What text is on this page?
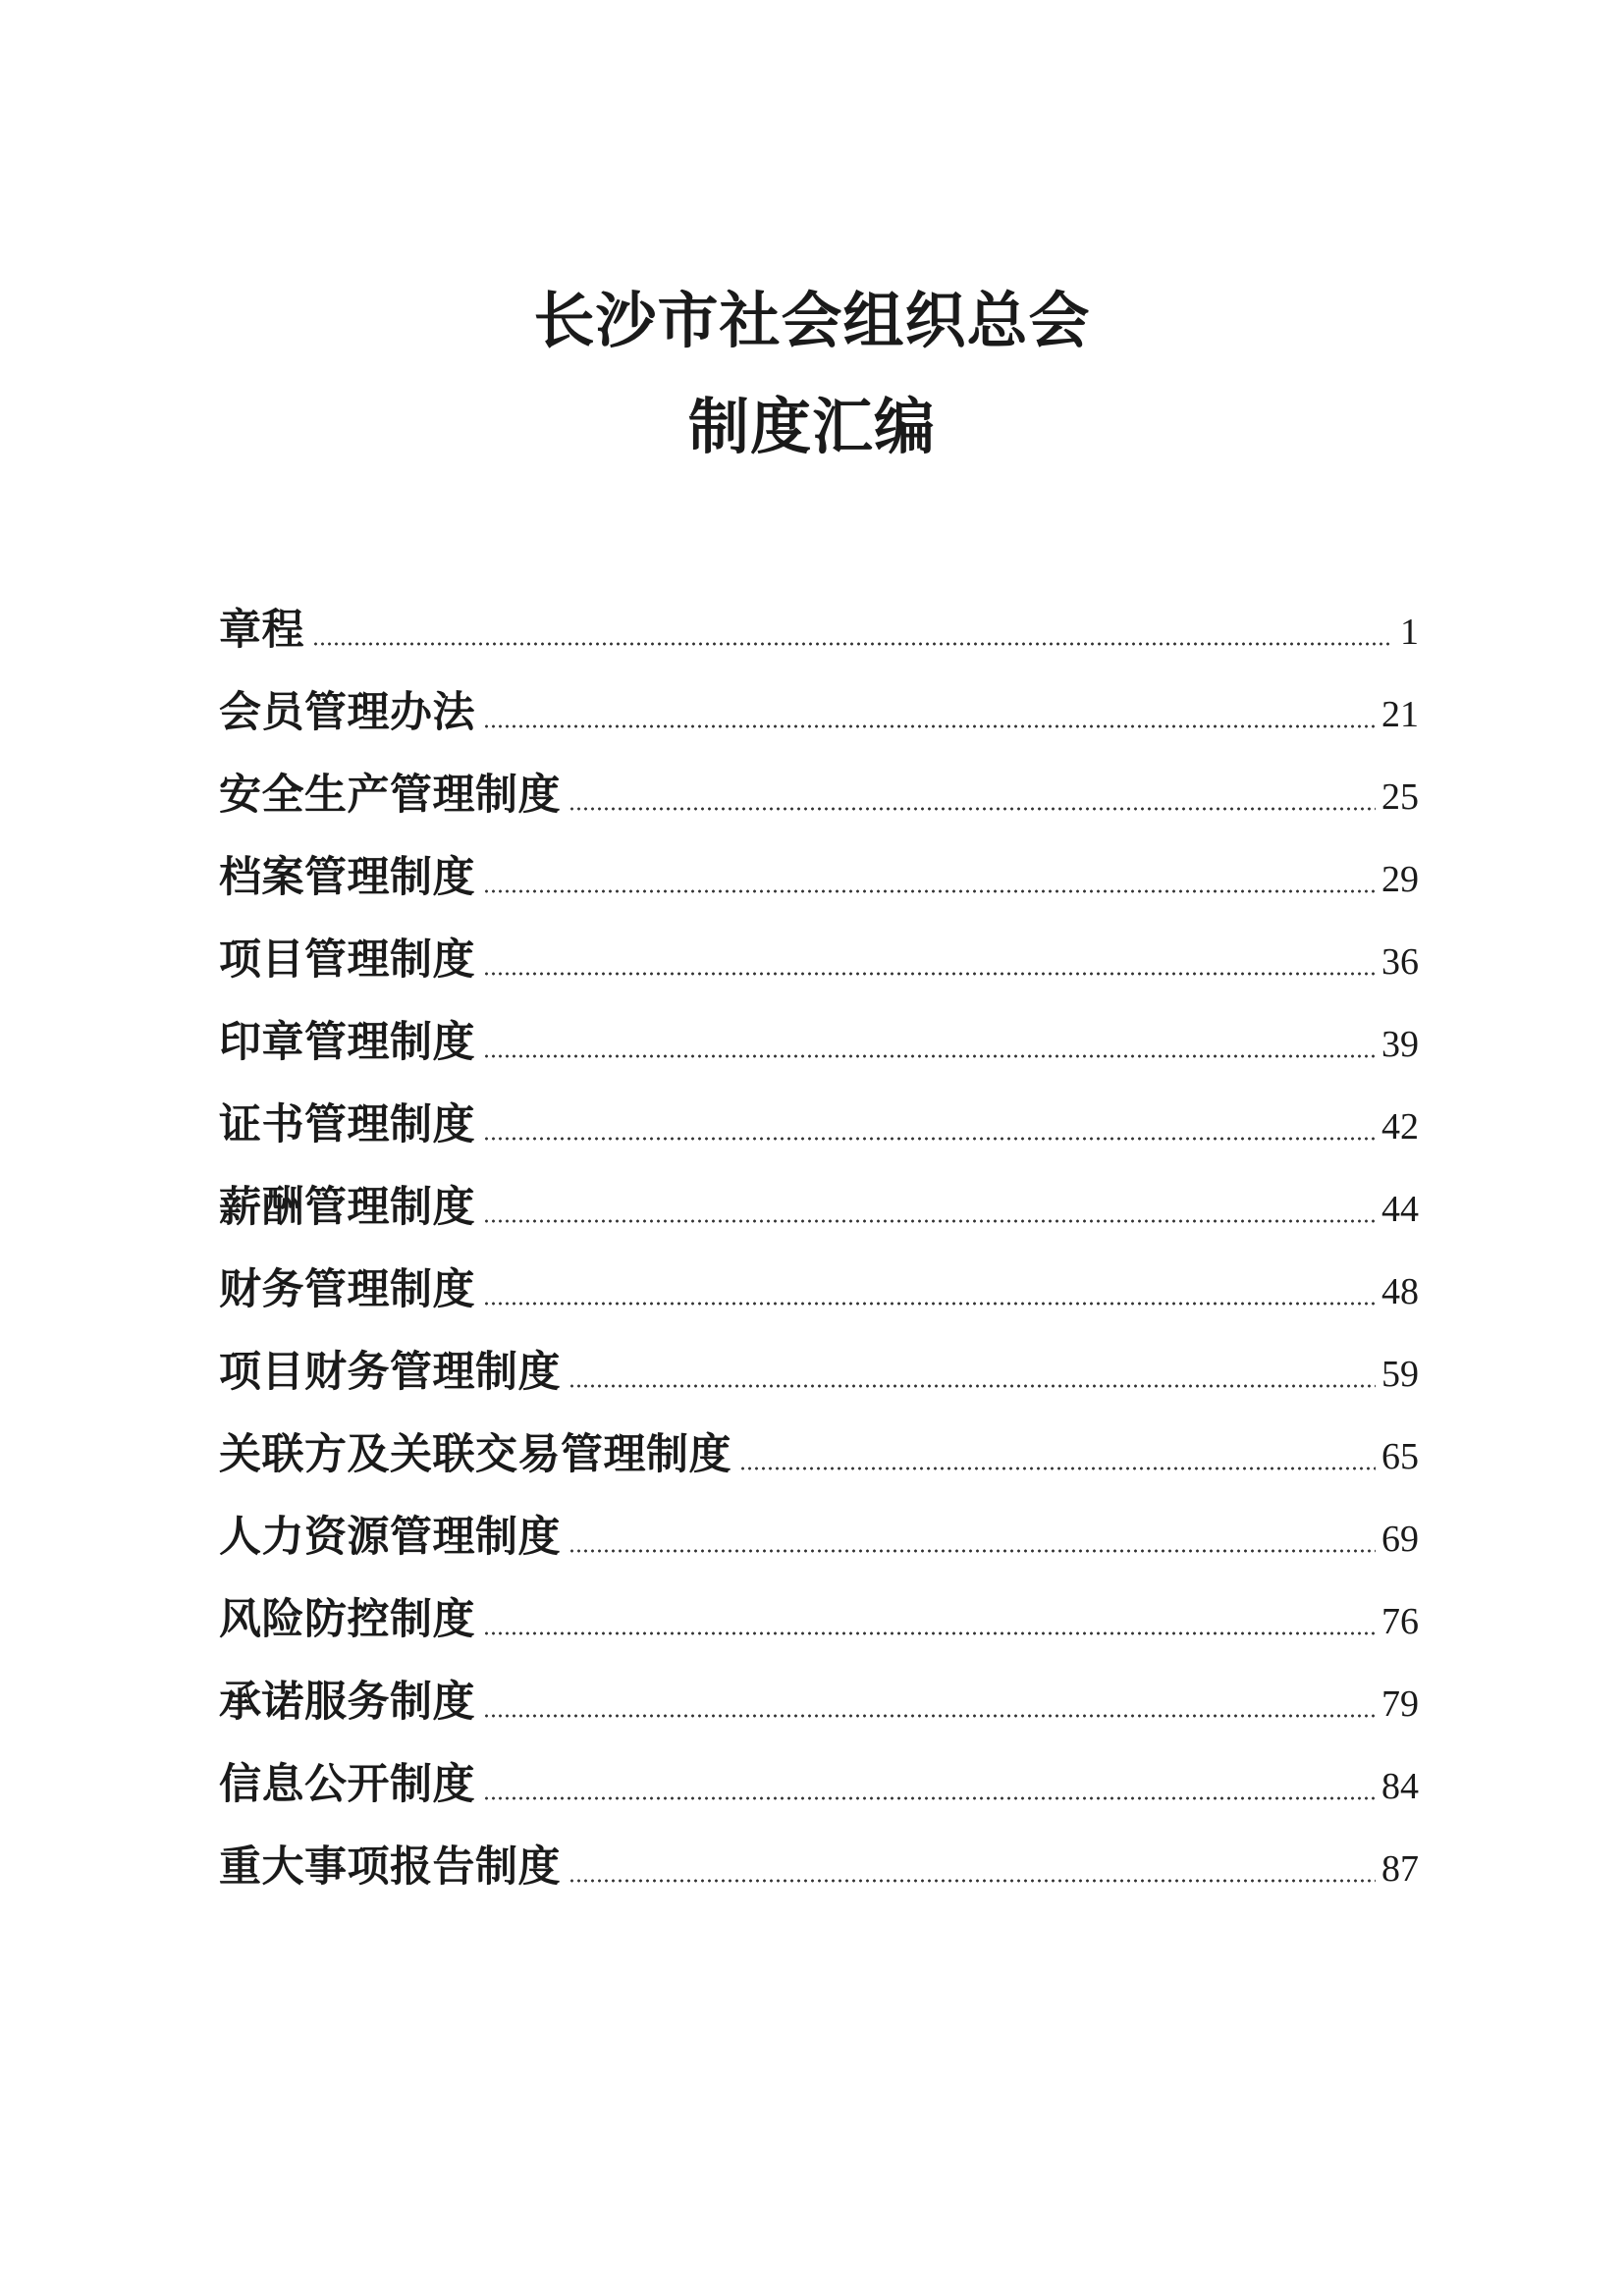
长沙市社会组织总会
制度汇编
章程	1
会员管理办法	21
安全生产管理制度	25
档案管理制度	29
项目管理制度	36
印章管理制度	39
证书管理制度	42
薪酬管理制度	44
财务管理制度	48
项目财务管理制度	59
关联方及关联交易管理制度	65
人力资源管理制度	69
风险防控制度	76
承诺服务制度	79
信息公开制度	84
重大事项报告制度	87
